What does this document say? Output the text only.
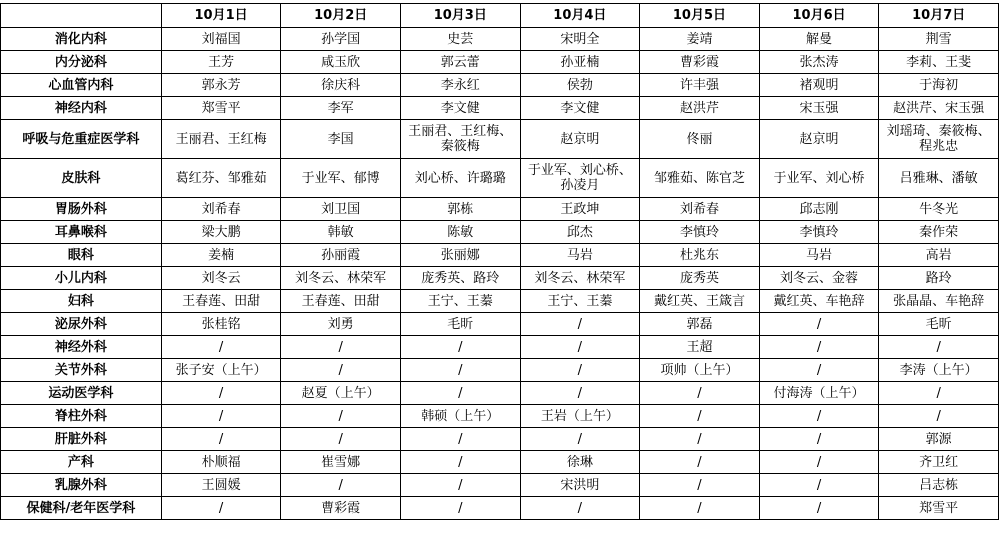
	10月1日	10月2日	10月3日	10月4日	10月5日	10月6日	10月7日
消化内科	刘福国	孙学国	史芸	宋明全	姜靖	解曼	荆雪
内分泌科	王芳	咸玉欣	郭云蕾	孙亚楠	曹彩霞	张杰涛	李莉、王斐
心血管内科	郭永芳	徐庆科	李永红	侯勃	许丰强	褚观明	于海初
神经内科	郑雪平	李军	李文健	李文健	赵洪芹	宋玉强	赵洪芹、宋玉强
呼吸与危重症医学科	王丽君、王红梅	李国	王丽君、王红梅、秦筱梅	赵京明	佟丽	赵京明	刘瑶琦、秦筱梅、程兆忠
皮肤科	葛红芬、邹雅茹	于业军、郁博	刘心桥、许璐璐	于业军、刘心桥、孙凌月	邹雅茹、陈官芝	于业军、刘心桥	吕雅琳、潘敏
胃肠外科	刘希春	刘卫国	郭栋	王政坤	刘希春	邱志刚	牛冬光
耳鼻喉科	梁大鹏	韩敏	陈敏	邱杰	李慎玲	李慎玲	秦作荣
眼科	姜楠	孙丽霞	张丽娜	马岩	杜兆东	马岩	高岩
小儿内科	刘冬云	刘冬云、林荣军	庞秀英、路玲	刘冬云、林荣军	庞秀英	刘冬云、金蓉	路玲
妇科	王春莲、田甜	王春莲、田甜	王宁、王蓁	王宁、王蓁	戴红英、王箴言	戴红英、车艳辞	张晶晶、车艳辞
泌尿外科	张桂铭	刘勇	毛昕	/	郭磊	/	毛昕
神经外科	/	/	/	/	王超	/	/
关节外科	张子安（上午）	/	/	/	项帅（上午）	/	李涛（上午）
运动医学科	/	赵夏（上午）	/	/	/	付海涛（上午）	/
脊柱外科	/	/	韩硕（上午）	王岩（上午）	/	/	/
肝脏外科	/	/	/	/	/	/	郭源
产科	朴顺福	崔雪娜	/	徐琳	/	/	齐卫红
乳腺外科	王圆媛	/	/	宋洪明	/	/	吕志栋
保健科/老年医学科	/	曹彩霞	/	/	/	/	郑雪平
